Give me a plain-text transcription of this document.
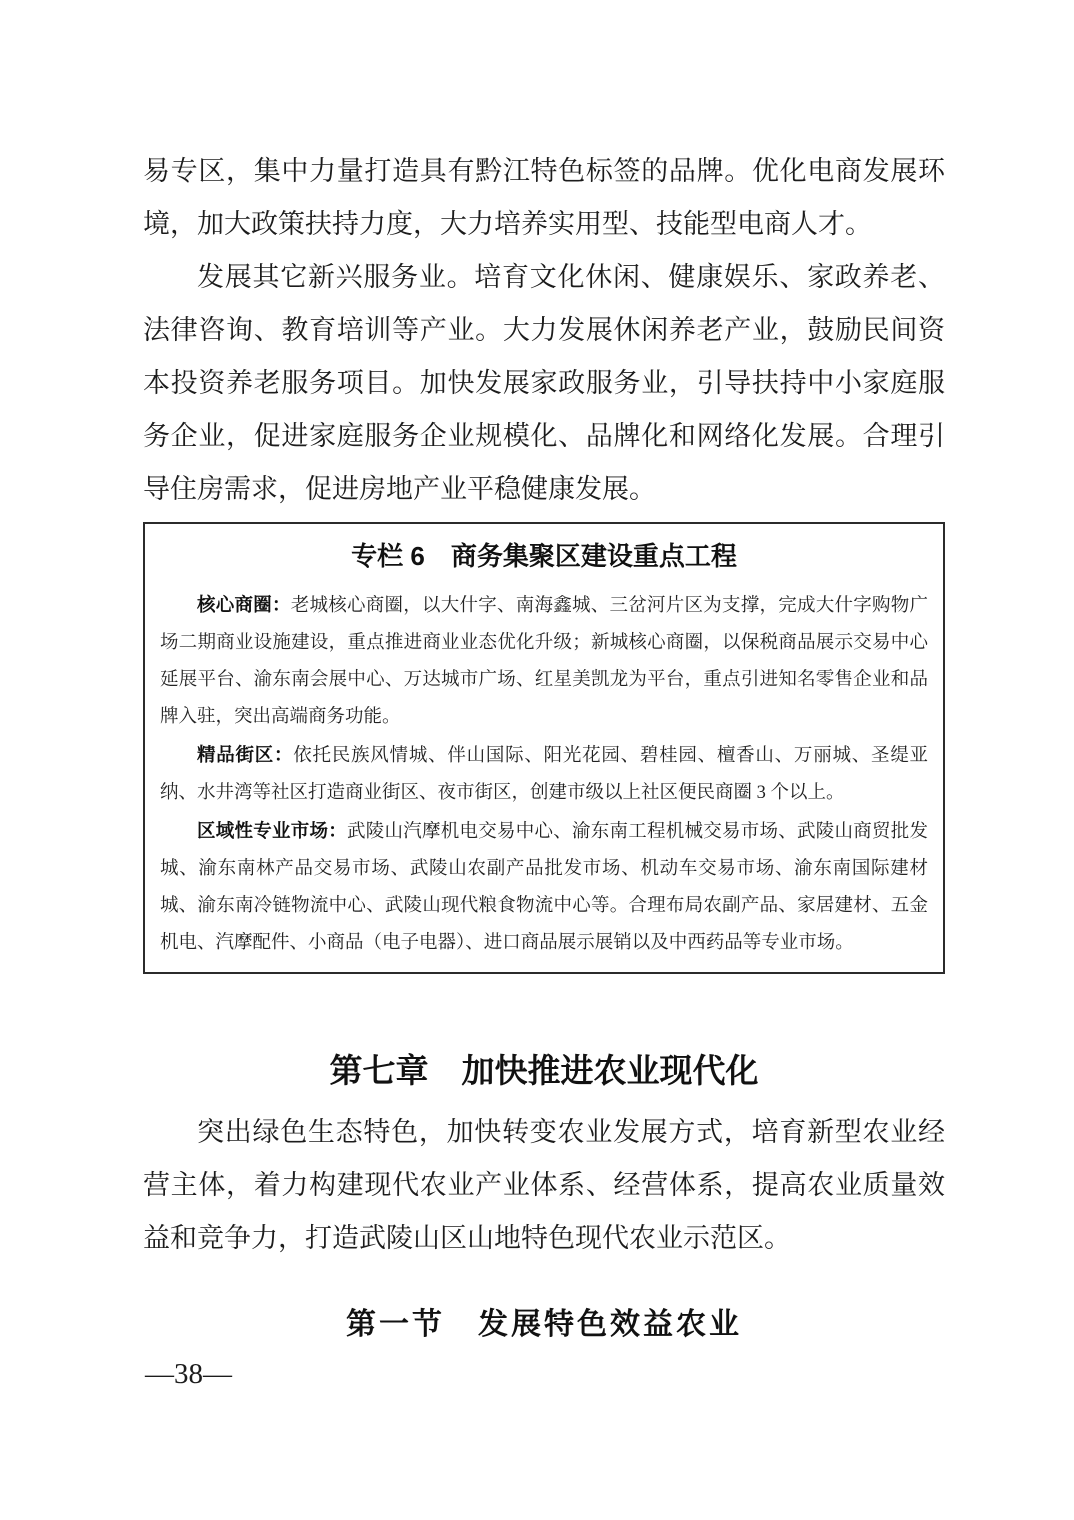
易专区，集中力量打造具有黔江特色标签的品牌。优化电商发展环境，加大政策扶持力度，大力培养实用型、技能型电商人才。

发展其它新兴服务业。培育文化休闲、健康娱乐、家政养老、法律咨询、教育培训等产业。大力发展休闲养老产业，鼓励民间资本投资养老服务项目。加快发展家政服务业，引导扶持中小家庭服务企业，促进家庭服务企业规模化、品牌化和网络化发展。合理引导住房需求，促进房地产业平稳健康发展。

专栏 6　商务集聚区建设重点工程

核心商圈：老城核心商圈，以大什字、南海鑫城、三岔河片区为支撑，完成大什字购物广场二期商业设施建设，重点推进商业业态优化升级；新城核心商圈，以保税商品展示交易中心延展平台、渝东南会展中心、万达城市广场、红星美凯龙为平台，重点引进知名零售企业和品牌入驻，突出高端商务功能。

精品街区：依托民族风情城、伴山国际、阳光花园、碧桂园、檀香山、万丽城、圣缇亚纳、水井湾等社区打造商业街区、夜市街区，创建市级以上社区便民商圈 3 个以上。

区域性专业市场：武陵山汽摩机电交易中心、渝东南工程机械交易市场、武陵山商贸批发城、渝东南林产品交易市场、武陵山农副产品批发市场、机动车交易市场、渝东南国际建材城、渝东南冷链物流中心、武陵山现代粮食物流中心等。合理布局农副产品、家居建材、五金机电、汽摩配件、小商品（电子电器）、进口商品展示展销以及中西药品等专业市场。

第七章　加快推进农业现代化

突出绿色生态特色，加快转变农业发展方式，培育新型农业经营主体，着力构建现代农业产业体系、经营体系，提高农业质量效益和竞争力，打造武陵山区山地特色现代农业示范区。

第一节　发展特色效益农业
—38—
